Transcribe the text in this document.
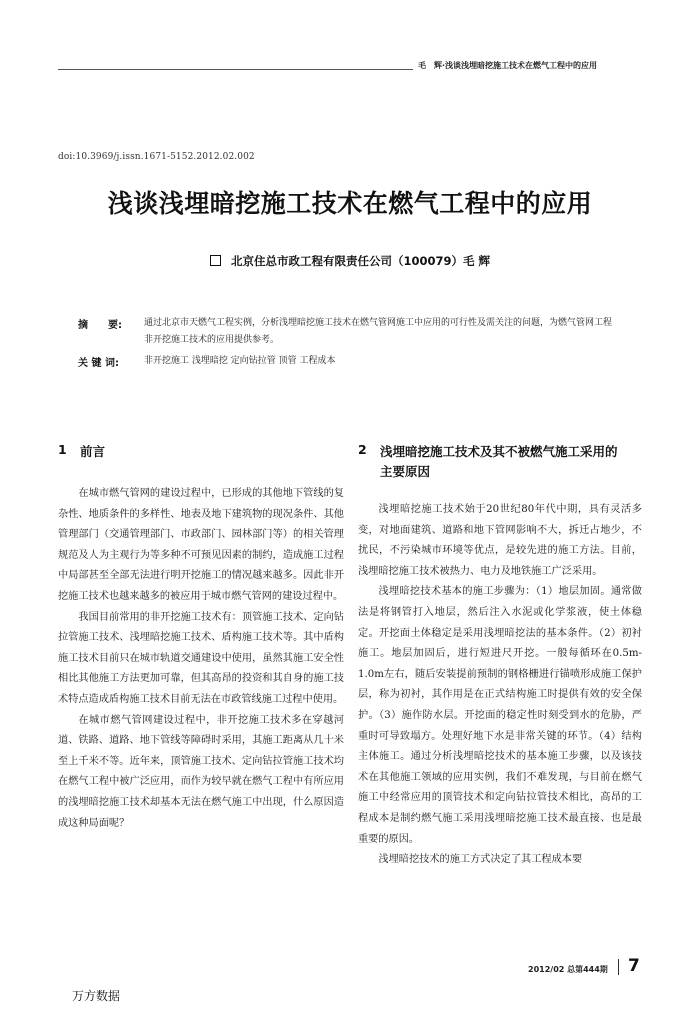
毛　辉·浅谈浅埋暗挖施工技术在燃气工程中的应用
doi:10.3969/j.issn.1671-5152.2012.02.002
浅谈浅埋暗挖施工技术在燃气工程中的应用
北京住总市政工程有限责任公司（100079）毛 辉
摘　　要: 通过北京市天燃气工程实例，分析浅埋暗挖施工技术在燃气管网施工中应用的可行性及需关注的问题，为燃气管网工程非开挖施工技术的应用提供参考。
关 键 词:	非开挖施工 浅埋暗挖 定向钻拉管 顶管 工程成本
1 前言

在城市燃气管网的建设过程中，已形成的其他地下管线的复杂性、地质条件的多样性、地表及地下建筑物的现况条件、其他管理部门（交通管理部门、市政部门、园林部门等）的相关管理规范及人为主观行为等多种不可预见因素的制约，造成施工过程中局部甚至全部无法进行明开挖施工的情况越来越多。因此非开挖施工技术也越来越多的被应用于城市燃气管网的建设过程中。

我国目前常用的非开挖施工技术有：顶管施工技术、定向钻拉管施工技术、浅埋暗挖施工技术、盾构施工技术等。其中盾构施工技术目前只在城市轨道交通建设中使用，虽然其施工安全性相比其他施工方法更加可靠，但其高昂的投资和其自身的施工技术特点造成盾构施工技术目前无法在市政管线施工过程中使用。

在城市燃气管网建设过程中，非开挖施工技术多在穿越河道、铁路、道路、地下管线等障碍时采用，其施工距离从几十米至上千米不等。近年来，顶管施工技术、定向钻拉管施工技术均在燃气工程中被广泛应用，而作为较早就在燃气工程中有所应用的浅埋暗挖施工技术却基本无法在燃气施工中出现，什么原因造成这种局面呢？

2 浅埋暗挖施工技术及其不被燃气施工采用的
主要原因

浅埋暗挖施工技术始于20世纪80年代中期，具有灵活多变，对地面建筑、道路和地下管网影响不大，拆迁占地少，不扰民，不污染城市环境等优点，是较先进的施工方法。目前，浅埋暗挖施工技术被热力、电力及地铁施工广泛采用。

浅埋暗挖技术基本的施工步骤为：（1）地层加固。通常做法是将钢管打入地层，然后注入水泥或化学浆液，使土体稳定。开挖面土体稳定是采用浅埋暗挖法的基本条件。（2）初衬施工。地层加固后，进行短进尺开挖。一般每循环在0.5m-1.0m左右，随后安装提前预制的钢格栅进行锚喷形成施工保护层，称为初衬，其作用是在正式结构施工时提供有效的安全保护。（3）施作防水层。开挖面的稳定性时刻受到水的危胁，严重时可导致塌方。处理好地下水是非常关键的环节。（4）结构主体施工。通过分析浅埋暗挖技术的基本施工步骤，以及该技术在其他施工领域的应用实例，我们不难发现，与目前在燃气施工中经常应用的顶管技术和定向钻拉管技术相比，高昂的工程成本是制约燃气施工采用浅埋暗挖施工技术最直接、也是最重要的原因。

浅埋暗挖技术的施工方式决定了其工程成本要

2012/02 总第444期 7
万方数据
